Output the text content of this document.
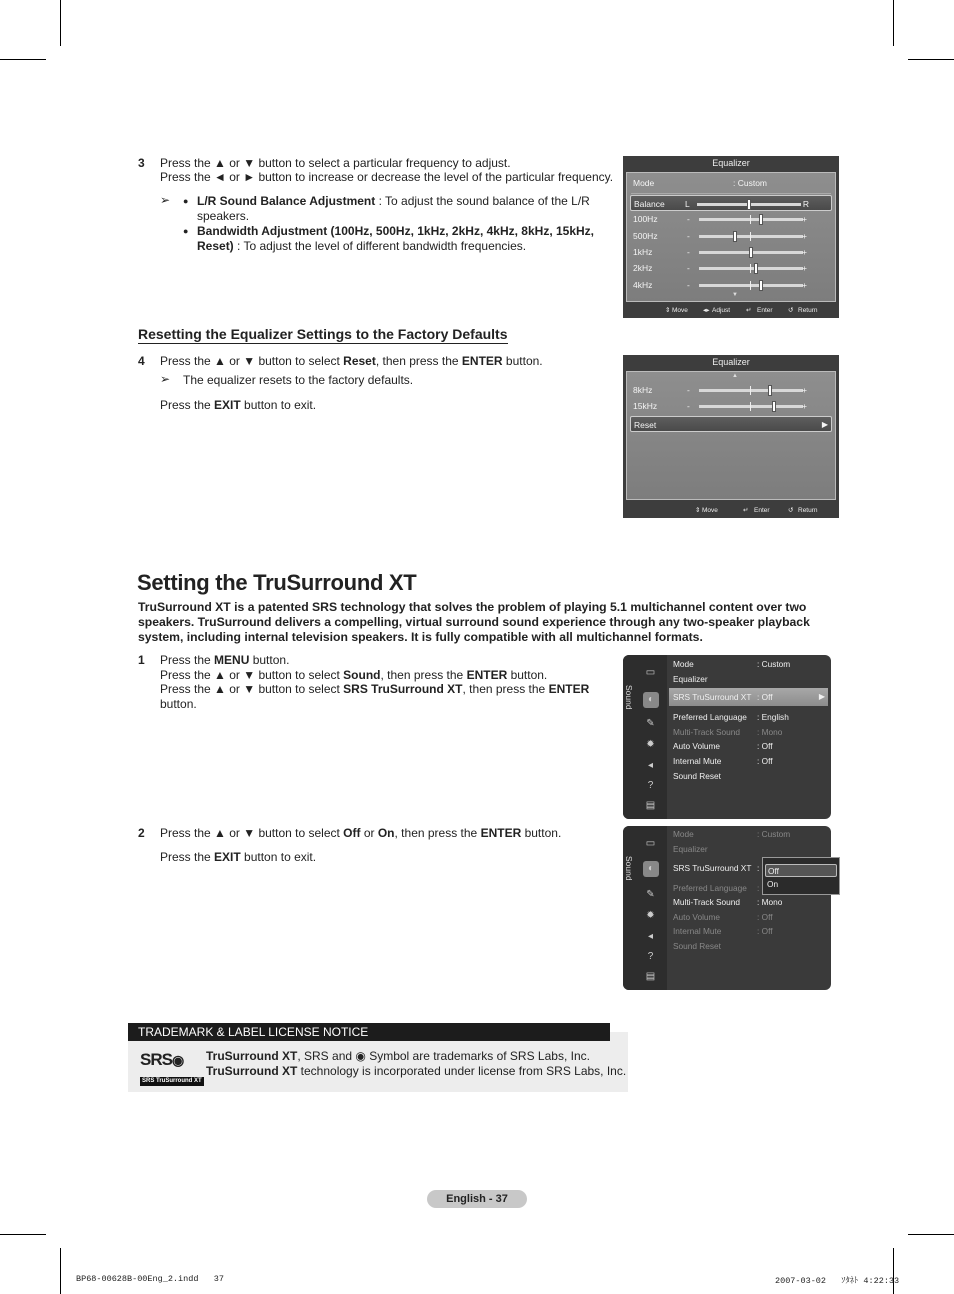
3 Press the ▲ or ▼ button to select a particular frequency to adjust.
Press the ◄ or ► button to increase or decrease the level of the particular frequency.
➢ ● L/R Sound Balance Adjustment : To adjust the sound balance of the L/R
speakers.
● Bandwidth Adjustment (100Hz, 500Hz, 1kHz, 2kHz, 4kHz, 8kHz, 15kHz,
Reset) : To adjust the level of different bandwidth frequencies.
Equalizer
Mode	: Custom
Balance L	R
100Hz	-	+
500Hz	-	+
1kHz	-	+
2kHz	-	+
4kHz	-	+
▼
⇕ Move ◂▸ Adjust ↵ Enter ↺ Return
Resetting the Equalizer Settings to the Factory Defaults
4 Press the ▲ or ▼ button to select Reset, then press the ENTER button.
➢ The equalizer resets to the factory defaults.
Press the EXIT button to exit.
Equalizer
▲
8kHz	-	+
15kHz	-	+
Reset	▶
⇕ Move	↵ Enter	↺ Return
Setting the TruSurround XT
TruSurround XT is a patented SRS technology that solves the problem of playing 5.1 multichannel content over two speakers. TruSurround delivers a compelling, virtual surround sound experience through any two-speaker playback system, including internal television speakers. It is fully compatible with all multichannel formats.
1 Press the MENU button.
Press the ▲ or ▼ button to select Sound, then press the ENTER button.
Press the ▲ or ▼ button to select SRS TruSurround XT, then press the ENTER
button.	Sound
▭
◐
✎
✹
◂
?
▤
Mode	: Custom
Equalizer
SRS TruSurround XT : Off	▶
Preferred Language : English
Multi-Track Sound : Mono
Auto Volume	: Off
Internal Mute	: Off
Sound Reset
2 Press the ▲ or ▼ button to select Off or On, then press the ENTER button.
Press the EXIT button to exit.	Sound
▭
◐
✎
✹
◂
?
▤
Mode	: Custom
Equalizer
SRS TruSurround XT :
Preferred Language :
Multi-Track Sound : Mono
Auto Volume	: Off
Internal Mute	: Off
Sound Reset
Off
On
TRADEMARK & LABEL LICENSE NOTICE
SRS◉
SRS TruSurround XT
TruSurround XT, SRS and ◉ Symbol are trademarks of SRS Labs, Inc.
TruSurround XT technology is incorporated under license from SRS Labs, Inc.
English - 37
BP68-00628B-00Eng_2.indd   37	2007-03-02   ｿﾀﾈﾄ 4:22:33
